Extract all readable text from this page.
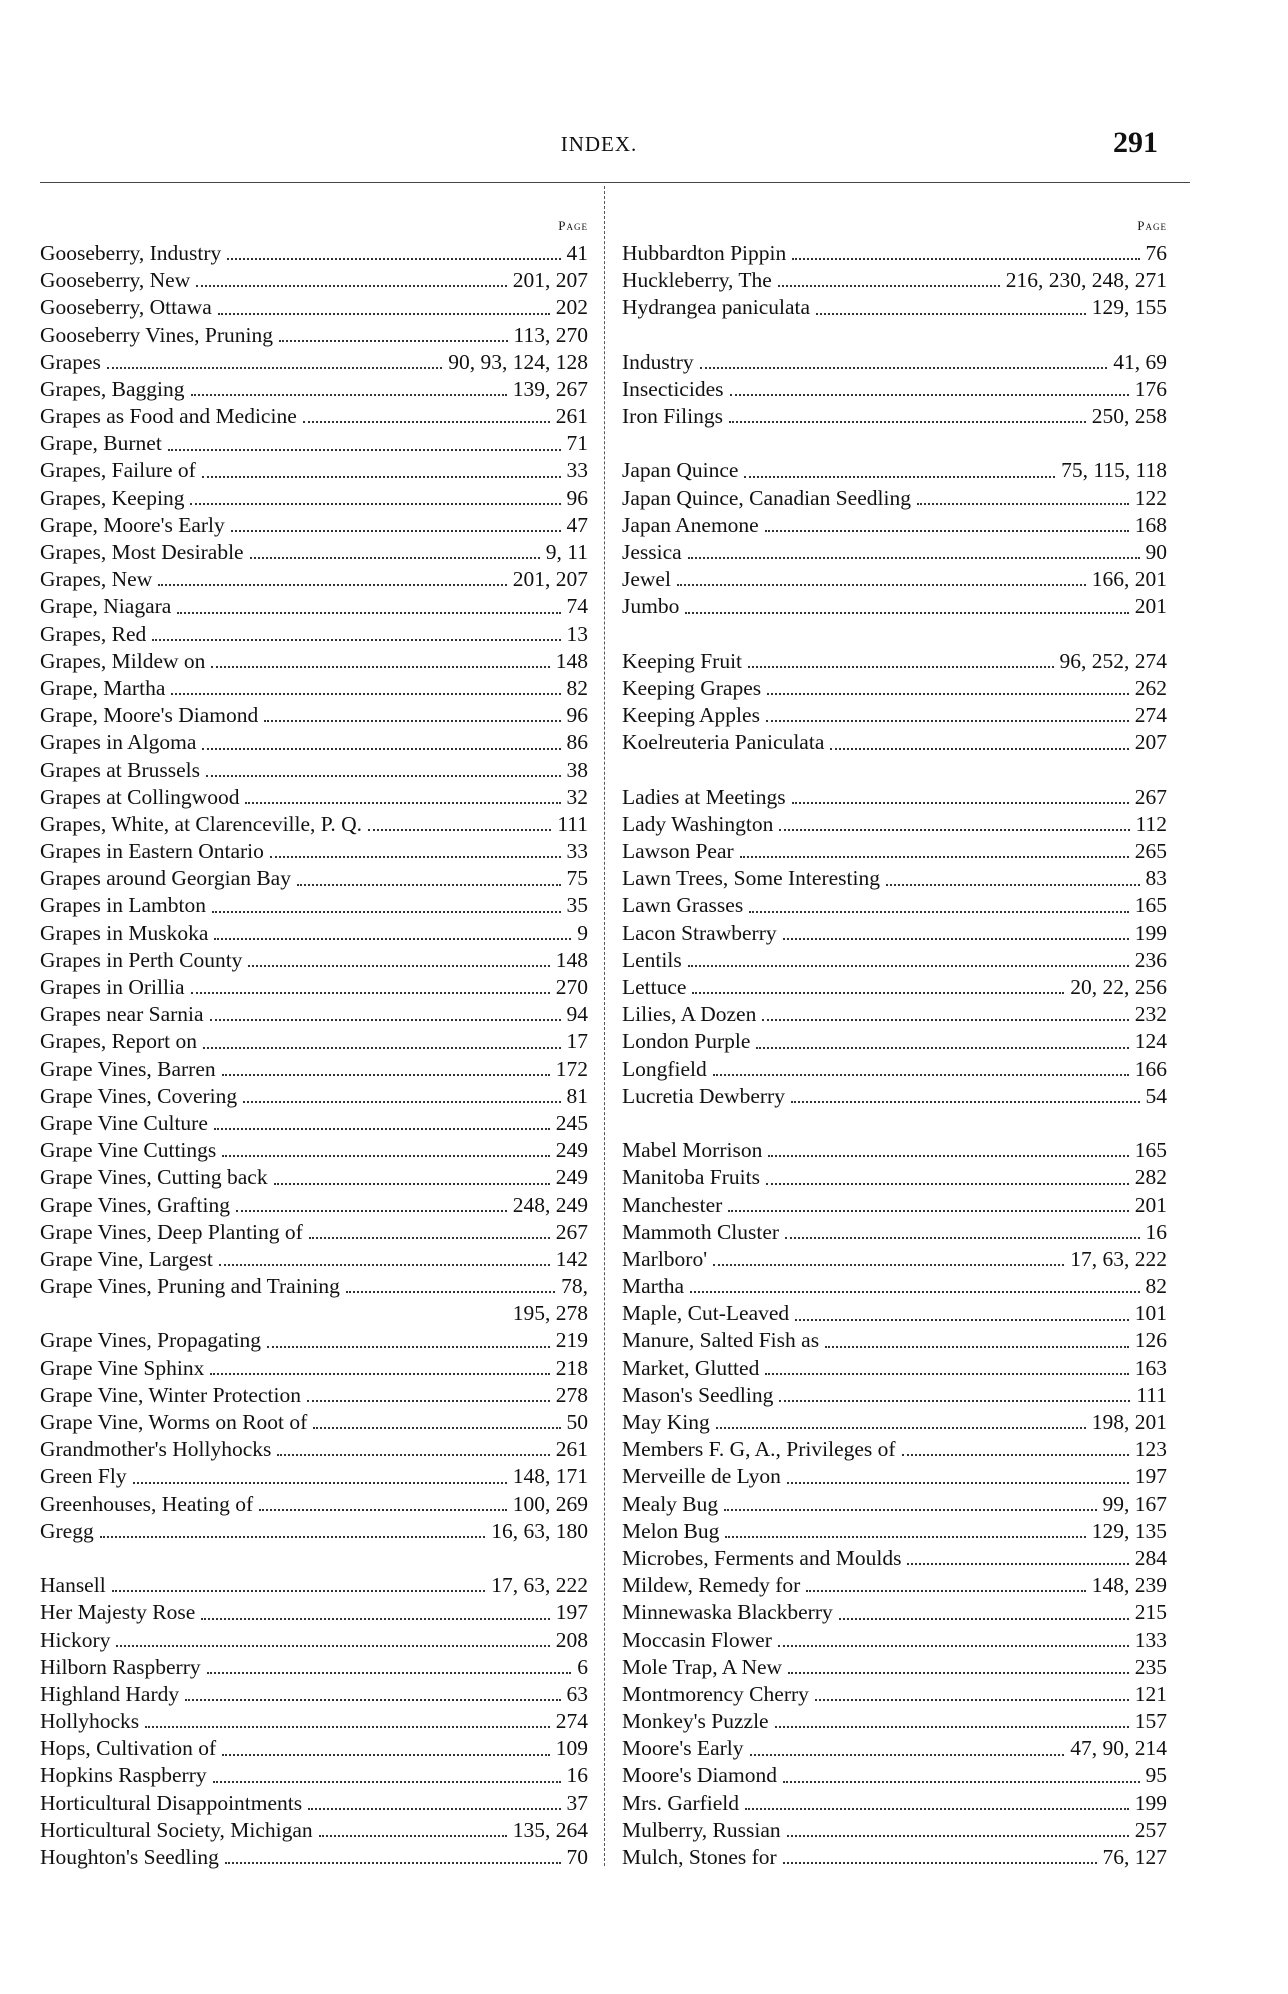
INDEX.	291
Page
Gooseberry, Industry	41
Gooseberry, New	201, 207
Gooseberry, Ottawa	202
Gooseberry Vines, Pruning	113, 270
Grapes	90, 93, 124, 128
Grapes, Bagging	139, 267
Grapes as Food and Medicine	261
Grape, Burnet	71
Grapes, Failure of	33
Grapes, Keeping	96
Grape, Moore's Early	47
Grapes, Most Desirable	9, 11
Grapes, New	201, 207
Grape, Niagara	74
Grapes, Red	13
Grapes, Mildew on	148
Grape, Martha	82
Grape, Moore's Diamond	96
Grapes in Algoma	86
Grapes at Brussels	38
Grapes at Collingwood	32
Grapes, White, at Clarenceville, P. Q.	111
Grapes in Eastern Ontario	33
Grapes around Georgian Bay	75
Grapes in Lambton	35
Grapes in Muskoka	9
Grapes in Perth County	148
Grapes in Orillia	270
Grapes near Sarnia	94
Grapes, Report on	17
Grape Vines, Barren	172
Grape Vines, Covering	81
Grape Vine Culture	245
Grape Vine Cuttings	249
Grape Vines, Cutting back	249
Grape Vines, Grafting	248, 249
Grape Vines, Deep Planting of	267
Grape Vine, Largest	142
Grape Vines, Pruning and Training	78,
195, 278
Grape Vines, Propagating	219
Grape Vine Sphinx	218
Grape Vine, Winter Protection	278
Grape Vine, Worms on Root of	50
Grandmother's Hollyhocks	261
Green Fly	148, 171
Greenhouses, Heating of	100, 269
Gregg	16, 63, 180
Hansell	17, 63, 222
Her Majesty Rose	197
Hickory	208
Hilborn Raspberry	6
Highland Hardy	63
Hollyhocks	274
Hops, Cultivation of	109
Hopkins Raspberry	16
Horticultural Disappointments	37
Horticultural Society, Michigan	135, 264
Houghton's Seedling	70
Page
Hubbardton Pippin	76
Huckleberry, The	216, 230, 248, 271
Hydrangea paniculata	129, 155
Industry	41, 69
Insecticides	176
Iron Filings	250, 258
Japan Quince	75, 115, 118
Japan Quince, Canadian Seedling	122
Japan Anemone	168
Jessica	90
Jewel	166, 201
Jumbo	201
Keeping Fruit	96, 252, 274
Keeping Grapes	262
Keeping Apples	274
Koelreuteria Paniculata	207
Ladies at Meetings	267
Lady Washington	112
Lawson Pear	265
Lawn Trees, Some Interesting	83
Lawn Grasses	165
Lacon Strawberry	199
Lentils	236
Lettuce	20, 22, 256
Lilies, A Dozen	232
London Purple	124
Longfield	166
Lucretia Dewberry	54
Mabel Morrison	165
Manitoba Fruits	282
Manchester	201
Mammoth Cluster	16
Marlboro'	17, 63, 222
Martha	82
Maple, Cut-Leaved	101
Manure, Salted Fish as	126
Market, Glutted	163
Mason's Seedling	111
May King	198, 201
Members F. G, A., Privileges of	123
Merveille de Lyon	197
Mealy Bug	99, 167
Melon Bug	129, 135
Microbes, Ferments and Moulds	284
Mildew, Remedy for	148, 239
Minnewaska Blackberry	215
Moccasin Flower	133
Mole Trap, A New	235
Montmorency Cherry	121
Monkey's Puzzle	157
Moore's Early	47, 90, 214
Moore's Diamond	95
Mrs. Garfield	199
Mulberry, Russian	257
Mulch, Stones for	76, 127
